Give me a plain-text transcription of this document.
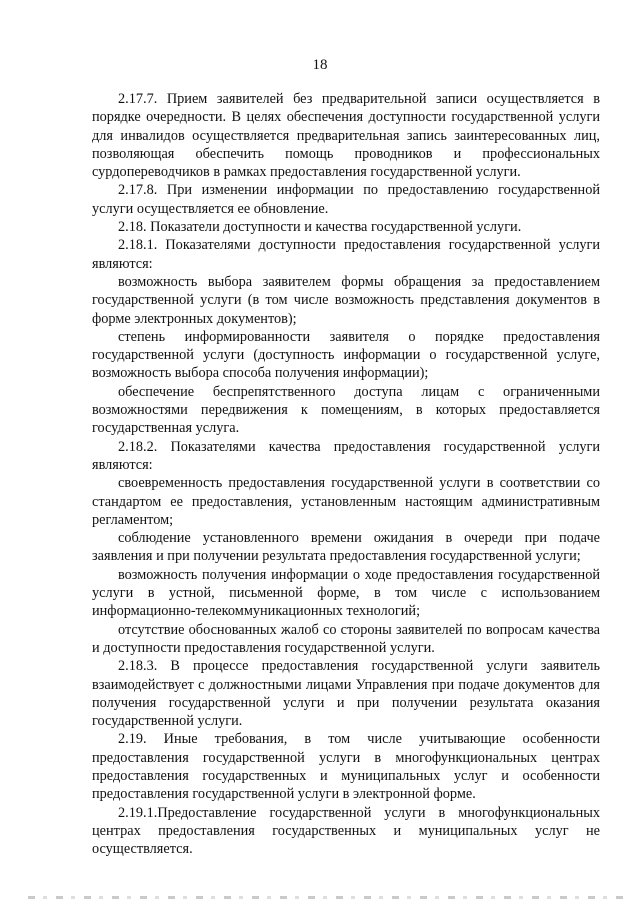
18

2.17.7. Прием заявителей без предварительной записи осуществляется в порядке очередности. В целях обеспечения доступности государственной услуги для инвалидов осуществляется предварительная запись заинтересованных лиц, позволяющая обеспечить помощь проводников и профессиональных сурдопереводчиков в рамках предоставления государственной услуги.

2.17.8. При изменении информации по предоставлению государственной услуги осуществляется ее обновление.

2.18. Показатели доступности и качества государственной услуги.

2.18.1. Показателями доступности предоставления государственной услуги являются:

возможность выбора заявителем формы обращения за предоставлением государственной услуги (в том числе возможность представления документов в форме электронных документов);

степень информированности заявителя о порядке предоставления государственной услуги (доступность информации о государственной услуге, возможность выбора способа получения информации);

обеспечение беспрепятственного доступа лицам с ограниченными возможностями передвижения к помещениям, в которых предоставляется государственная услуга.

2.18.2. Показателями качества предоставления государственной услуги являются:

своевременность предоставления государственной услуги в соответствии со стандартом ее предоставления, установленным настоящим административным регламентом;

соблюдение установленного времени ожидания в очереди при подаче заявления и при получении результата предоставления государственной услуги;

возможность получения информации о ходе предоставления государственной услуги в устной, письменной форме, в том числе с использованием информационно-телекоммуникационных технологий;

отсутствие обоснованных жалоб со стороны заявителей по вопросам качества и доступности предоставления государственной услуги.

2.18.3. В процессе предоставления государственной услуги заявитель взаимодействует с должностными лицами Управления при подаче документов для получения государственной услуги и при получении результата оказания государственной услуги.

2.19. Иные требования, в том числе учитывающие особенности предоставления государственной услуги в многофункциональных центрах предоставления государственных и муниципальных услуг и особенности предоставления государственной услуги в электронной форме.

2.19.1.Предоставление государственной услуги в многофункциональных центрах предоставления государственных и муниципальных услуг не осуществляется.
